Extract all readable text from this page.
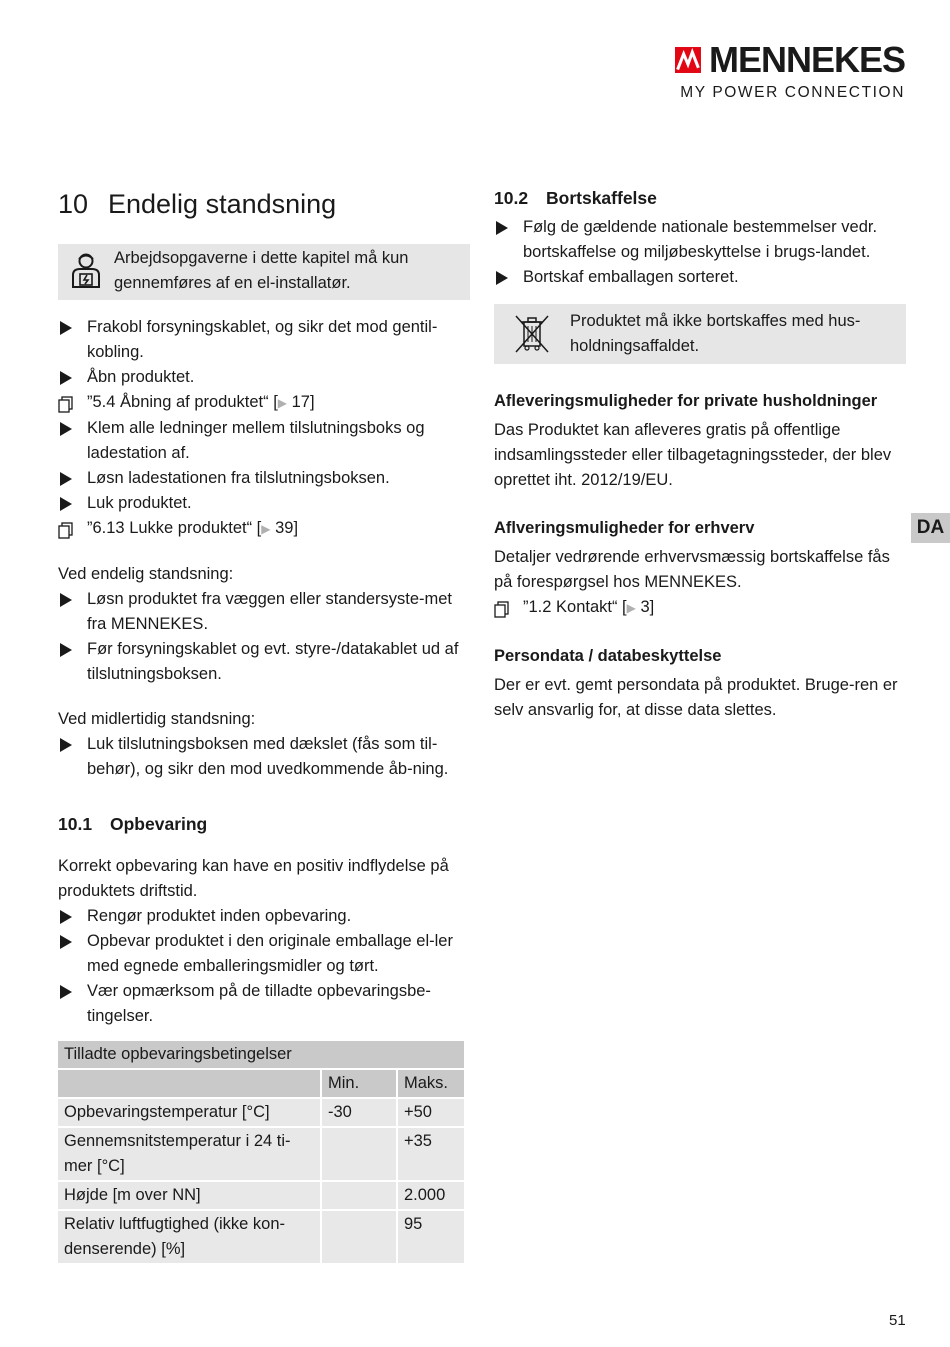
MENNEKES
MY POWER CONNECTION
10 Endelig standsning
Arbejdsopgaverne i dette kapitel må kun gennemføres af en el-installatør.
Frakobl forsyningskablet, og sikr det mod gentil-kobling.
Åbn produktet.
”5.4 Åbning af produktet“ [▶ 17]
Klem alle ledninger mellem tilslutningsboks og ladestation af.
Løsn ladestationen fra tilslutningsboksen.
Luk produktet.
”6.13 Lukke produktet“ [▶ 39]

Ved endelig standsning:

Løsn produktet fra væggen eller standersyste-met fra MENNEKES.
Før forsyningskablet og evt. styre-/datakablet ud af tilslutningsboksen.

Ved midlertidig standsning:

Luk tilslutningsboksen med dækslet (fås som til-behør), og sikr den mod uvedkommende åb-ning.
10.1	Opbevaring

Korrekt opbevaring kan have en positiv indflydelse på produktets driftstid.

Rengør produktet inden opbevaring.
Opbevar produktet i den originale emballage el-ler med egnede emballeringsmidler og tørt.
Vær opmærksom på de tilladte opbevaringsbe-tingelser.
Tilladte opbevaringsbetingelser		
	Min.	Maks.
Opbevaringstemperatur [°C]	-30	+50
Gennemsnitstemperatur i 24 ti-mer [°C]		+35
Højde [m over NN]		2.000
Relativ luftfugtighed (ikke kon-denserende) [%]		95
10.2	Bortskaffelse
Følg de gældende nationale bestemmelser vedr. bortskaffelse og miljøbeskyttelse i brugs-landet.
Bortskaf emballagen sorteret.
Produktet må ikke bortskaffes med hus-holdningsaffaldet.
Afleveringsmuligheder for private husholdninger

Das Produktet kan afleveres gratis på offentlige indsamlingssteder eller tilbagetagningssteder, der blev oprettet iht. 2012/19/EU.

Aflveringsmuligheder for erhverv

Detaljer vedrørende erhvervsmæssig bortskaffelse fås på forespørgsel hos MENNEKES.

”1.2 Kontakt“ [▶ 3]
Persondata / databeskyttelse

Der er evt. gemt persondata på produktet. Bruge-ren er selv ansvarlig for, at disse data slettes.

DA
51
